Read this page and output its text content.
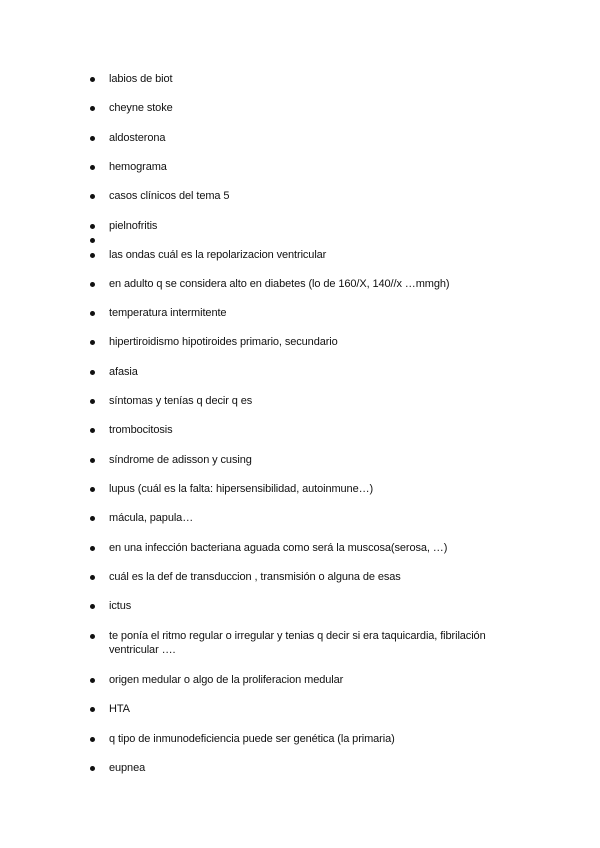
labios de biot
cheyne stoke
aldosterona
hemograma
casos clínicos del tema 5
pielnofritis
las ondas cuál es la repolarizacion ventricular
en adulto q se considera alto en diabetes (lo de 160/X, 140//x …mmgh)
temperatura intermitente
hipertiroidismo hipotiroides primario, secundario
afasia
síntomas y tenías q decir q es
trombocitosis
síndrome de adisson y cusing
lupus (cuál es la falta: hipersensibilidad, autoinmune…)
mácula, papula…
en una infección bacteriana aguada como será la muscosa(serosa, …)
cuál es la def de transduccion , transmisión o alguna de esas
ictus
te ponía el ritmo regular o irregular y tenias q decir si era taquicardia, fibrilación ventricular ….
origen medular o algo de la proliferacion medular
HTA
q tipo de inmunodeficiencia puede ser genética (la primaria)
eupnea
